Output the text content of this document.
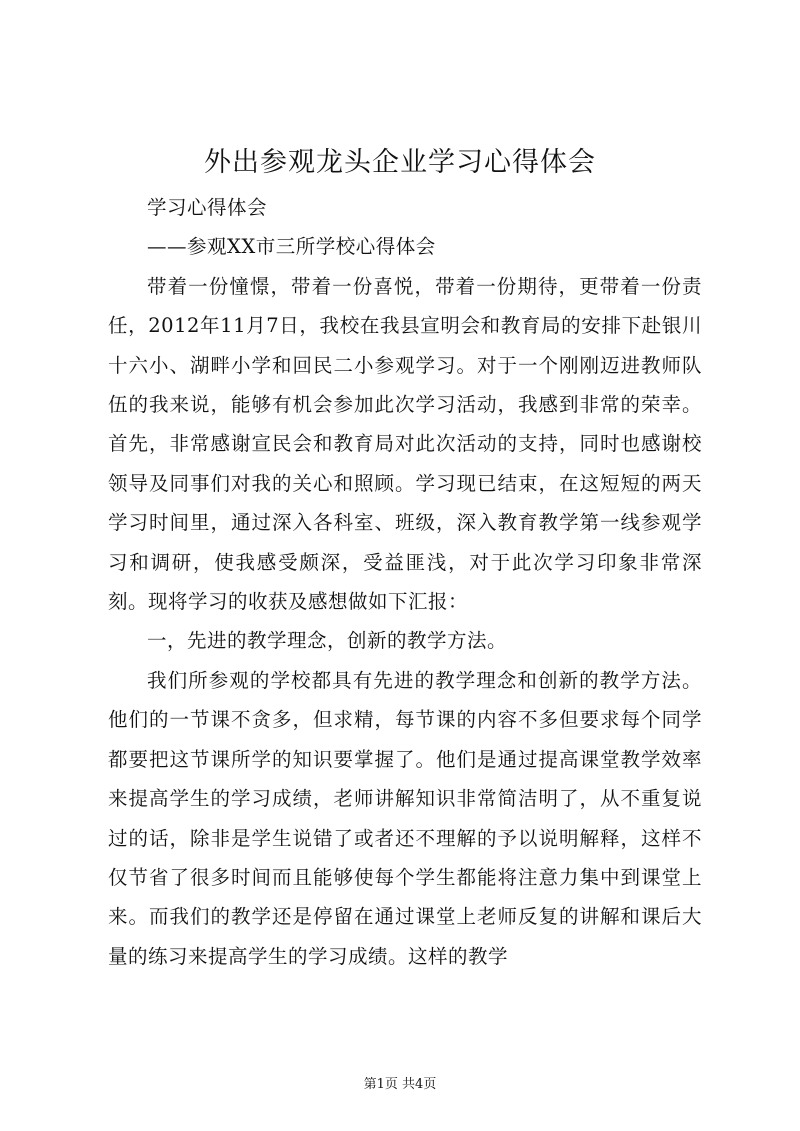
外出参观龙头企业学习心得体会

学习心得体会

——参观XX市三所学校心得体会

带着一份憧憬，带着一份喜悦，带着一份期待，更带着一份责任，2012年11月7日，我校在我县宣明会和教育局的安排下赴银川十六小、湖畔小学和回民二小参观学习。对于一个刚刚迈进教师队伍的我来说，能够有机会参加此次学习活动，我感到非常的荣幸。首先，非常感谢宣民会和教育局对此次活动的支持，同时也感谢校领导及同事们对我的关心和照顾。学习现已结束，在这短短的两天学习时间里，通过深入各科室、班级，深入教育教学第一线参观学习和调研，使我感受颇深，受益匪浅，对于此次学习印象非常深刻。现将学习的收获及感想做如下汇报：

一，先进的教学理念，创新的教学方法。

我们所参观的学校都具有先进的教学理念和创新的教学方法。他们的一节课不贪多，但求精，每节课的内容不多但要求每个同学都要把这节课所学的知识要掌握了。他们是通过提高课堂教学效率来提高学生的学习成绩，老师讲解知识非常简洁明了，从不重复说过的话，除非是学生说错了或者还不理解的予以说明解释，这样不仅节省了很多时间而且能够使每个学生都能将注意力集中到课堂上来。而我们的教学还是停留在通过课堂上老师反复的讲解和课后大量的练习来提高学生的学习成绩。这样的教学

第1页 共4页
